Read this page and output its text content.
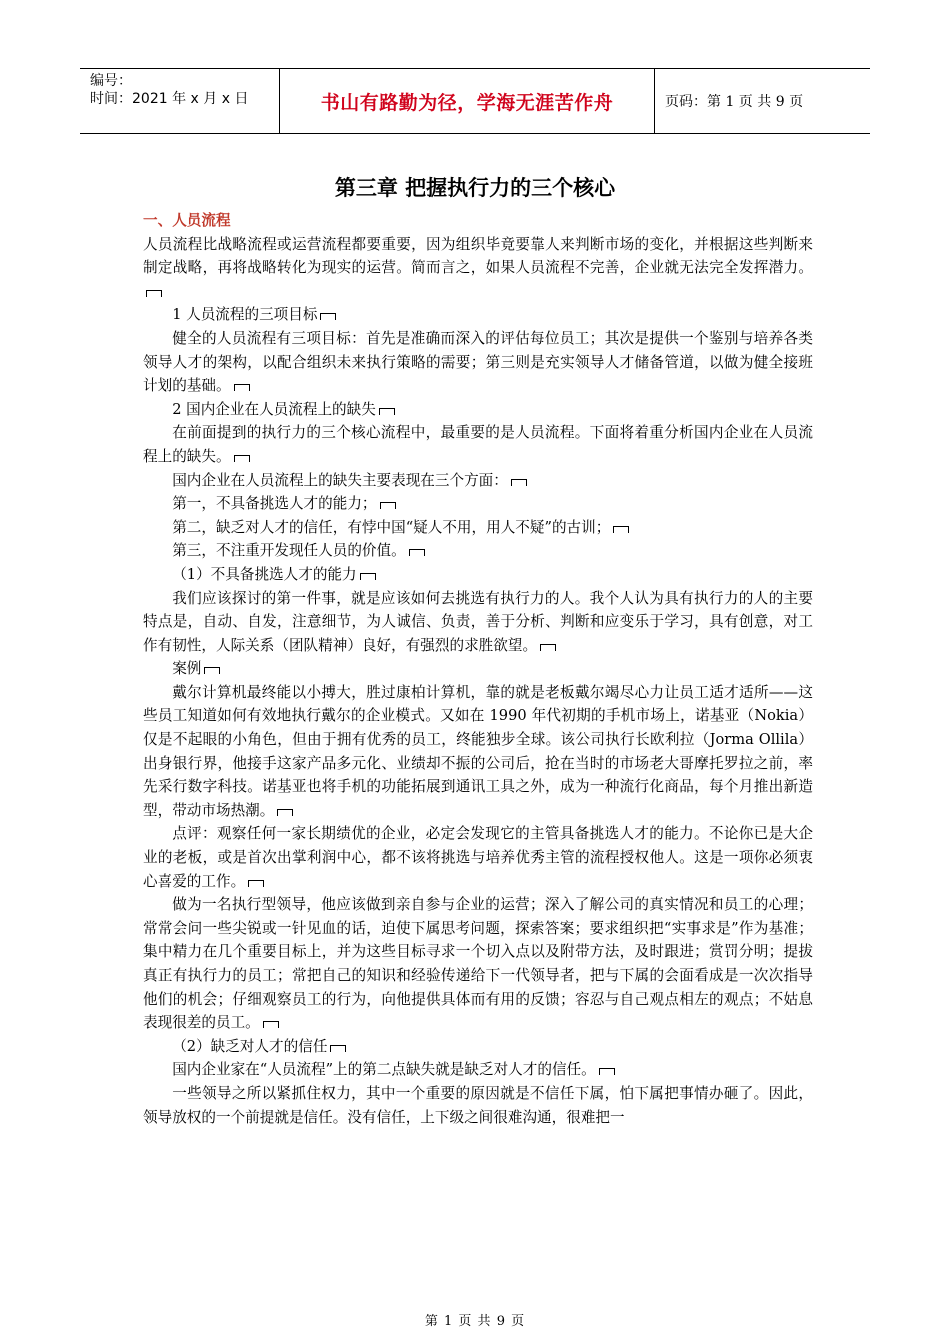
编号：
时间：2021 年 x 月 x 日	书山有路勤为径，学海无涯苦作舟	页码：第 1 页 共 9 页
第三章 把握执行力的三个核心
一、人员流程

人员流程比战略流程或运营流程都要重要，因为组织毕竟要靠人来判断市场的变化，并根据这些判断来制定战略，再将战略转化为现实的运营。简而言之，如果人员流程不完善，企业就无法完全发挥潜力。

1 人员流程的三项目标

健全的人员流程有三项目标：首先是准确而深入的评估每位员工；其次是提供一个鉴别与培养各类领导人才的架构，以配合组织未来执行策略的需要；第三则是充实领导人才储备管道，以做为健全接班计划的基础。

2 国内企业在人员流程上的缺失

在前面提到的执行力的三个核心流程中，最重要的是人员流程。下面将着重分析国内企业在人员流程上的缺失。

国内企业在人员流程上的缺失主要表现在三个方面：

第一，不具备挑选人才的能力；

第二，缺乏对人才的信任，有悖中国“疑人不用，用人不疑”的古训；

第三，不注重开发现任人员的价值。

（1）不具备挑选人才的能力

我们应该探讨的第一件事，就是应该如何去挑选有执行力的人。我个人认为具有执行力的人的主要特点是，自动、自发，注意细节，为人诚信、负责，善于分析、判断和应变乐于学习，具有创意，对工作有韧性，人际关系（团队精神）良好，有强烈的求胜欲望。

案例

戴尔计算机最终能以小搏大，胜过康柏计算机，靠的就是老板戴尔竭尽心力让员工适才适所——这些员工知道如何有效地执行戴尔的企业模式。又如在 1990 年代初期的手机市场上，诺基亚（Nokia）仅是不起眼的小角色，但由于拥有优秀的员工，终能独步全球。该公司执行长欧利拉（Jorma Ollila）出身银行界，他接手这家产品多元化、业绩却不振的公司后，抢在当时的市场老大哥摩托罗拉之前，率先采行数字科技。诺基亚也将手机的功能拓展到通讯工具之外，成为一种流行化商品，每个月推出新造型，带动市场热潮。

点评：观察任何一家长期绩优的企业，必定会发现它的主管具备挑选人才的能力。不论你已是大企业的老板，或是首次出掌利润中心，都不该将挑选与培养优秀主管的流程授权他人。这是一项你必须衷心喜爱的工作。

做为一名执行型领导，他应该做到亲自参与企业的运营；深入了解公司的真实情况和员工的心理；常常会问一些尖锐或一针见血的话，迫使下属思考问题，探索答案；要求组织把“实事求是”作为基准；集中精力在几个重要目标上，并为这些目标寻求一个切入点以及附带方法，及时跟进；赏罚分明；提拔真正有执行力的员工；常把自己的知识和经验传递给下一代领导者，把与下属的会面看成是一次次指导他们的机会；仔细观察员工的行为，向他提供具体而有用的反馈；容忍与自己观点相左的观点；不姑息表现很差的员工。

（2）缺乏对人才的信任

国内企业家在“人员流程”上的第二点缺失就是缺乏对人才的信任。

一些领导之所以紧抓住权力，其中一个重要的原因就是不信任下属，怕下属把事情办砸了。因此，领导放权的一个前提就是信任。没有信任，上下级之间很难沟通，很难把一

第 1 页 共 9 页
